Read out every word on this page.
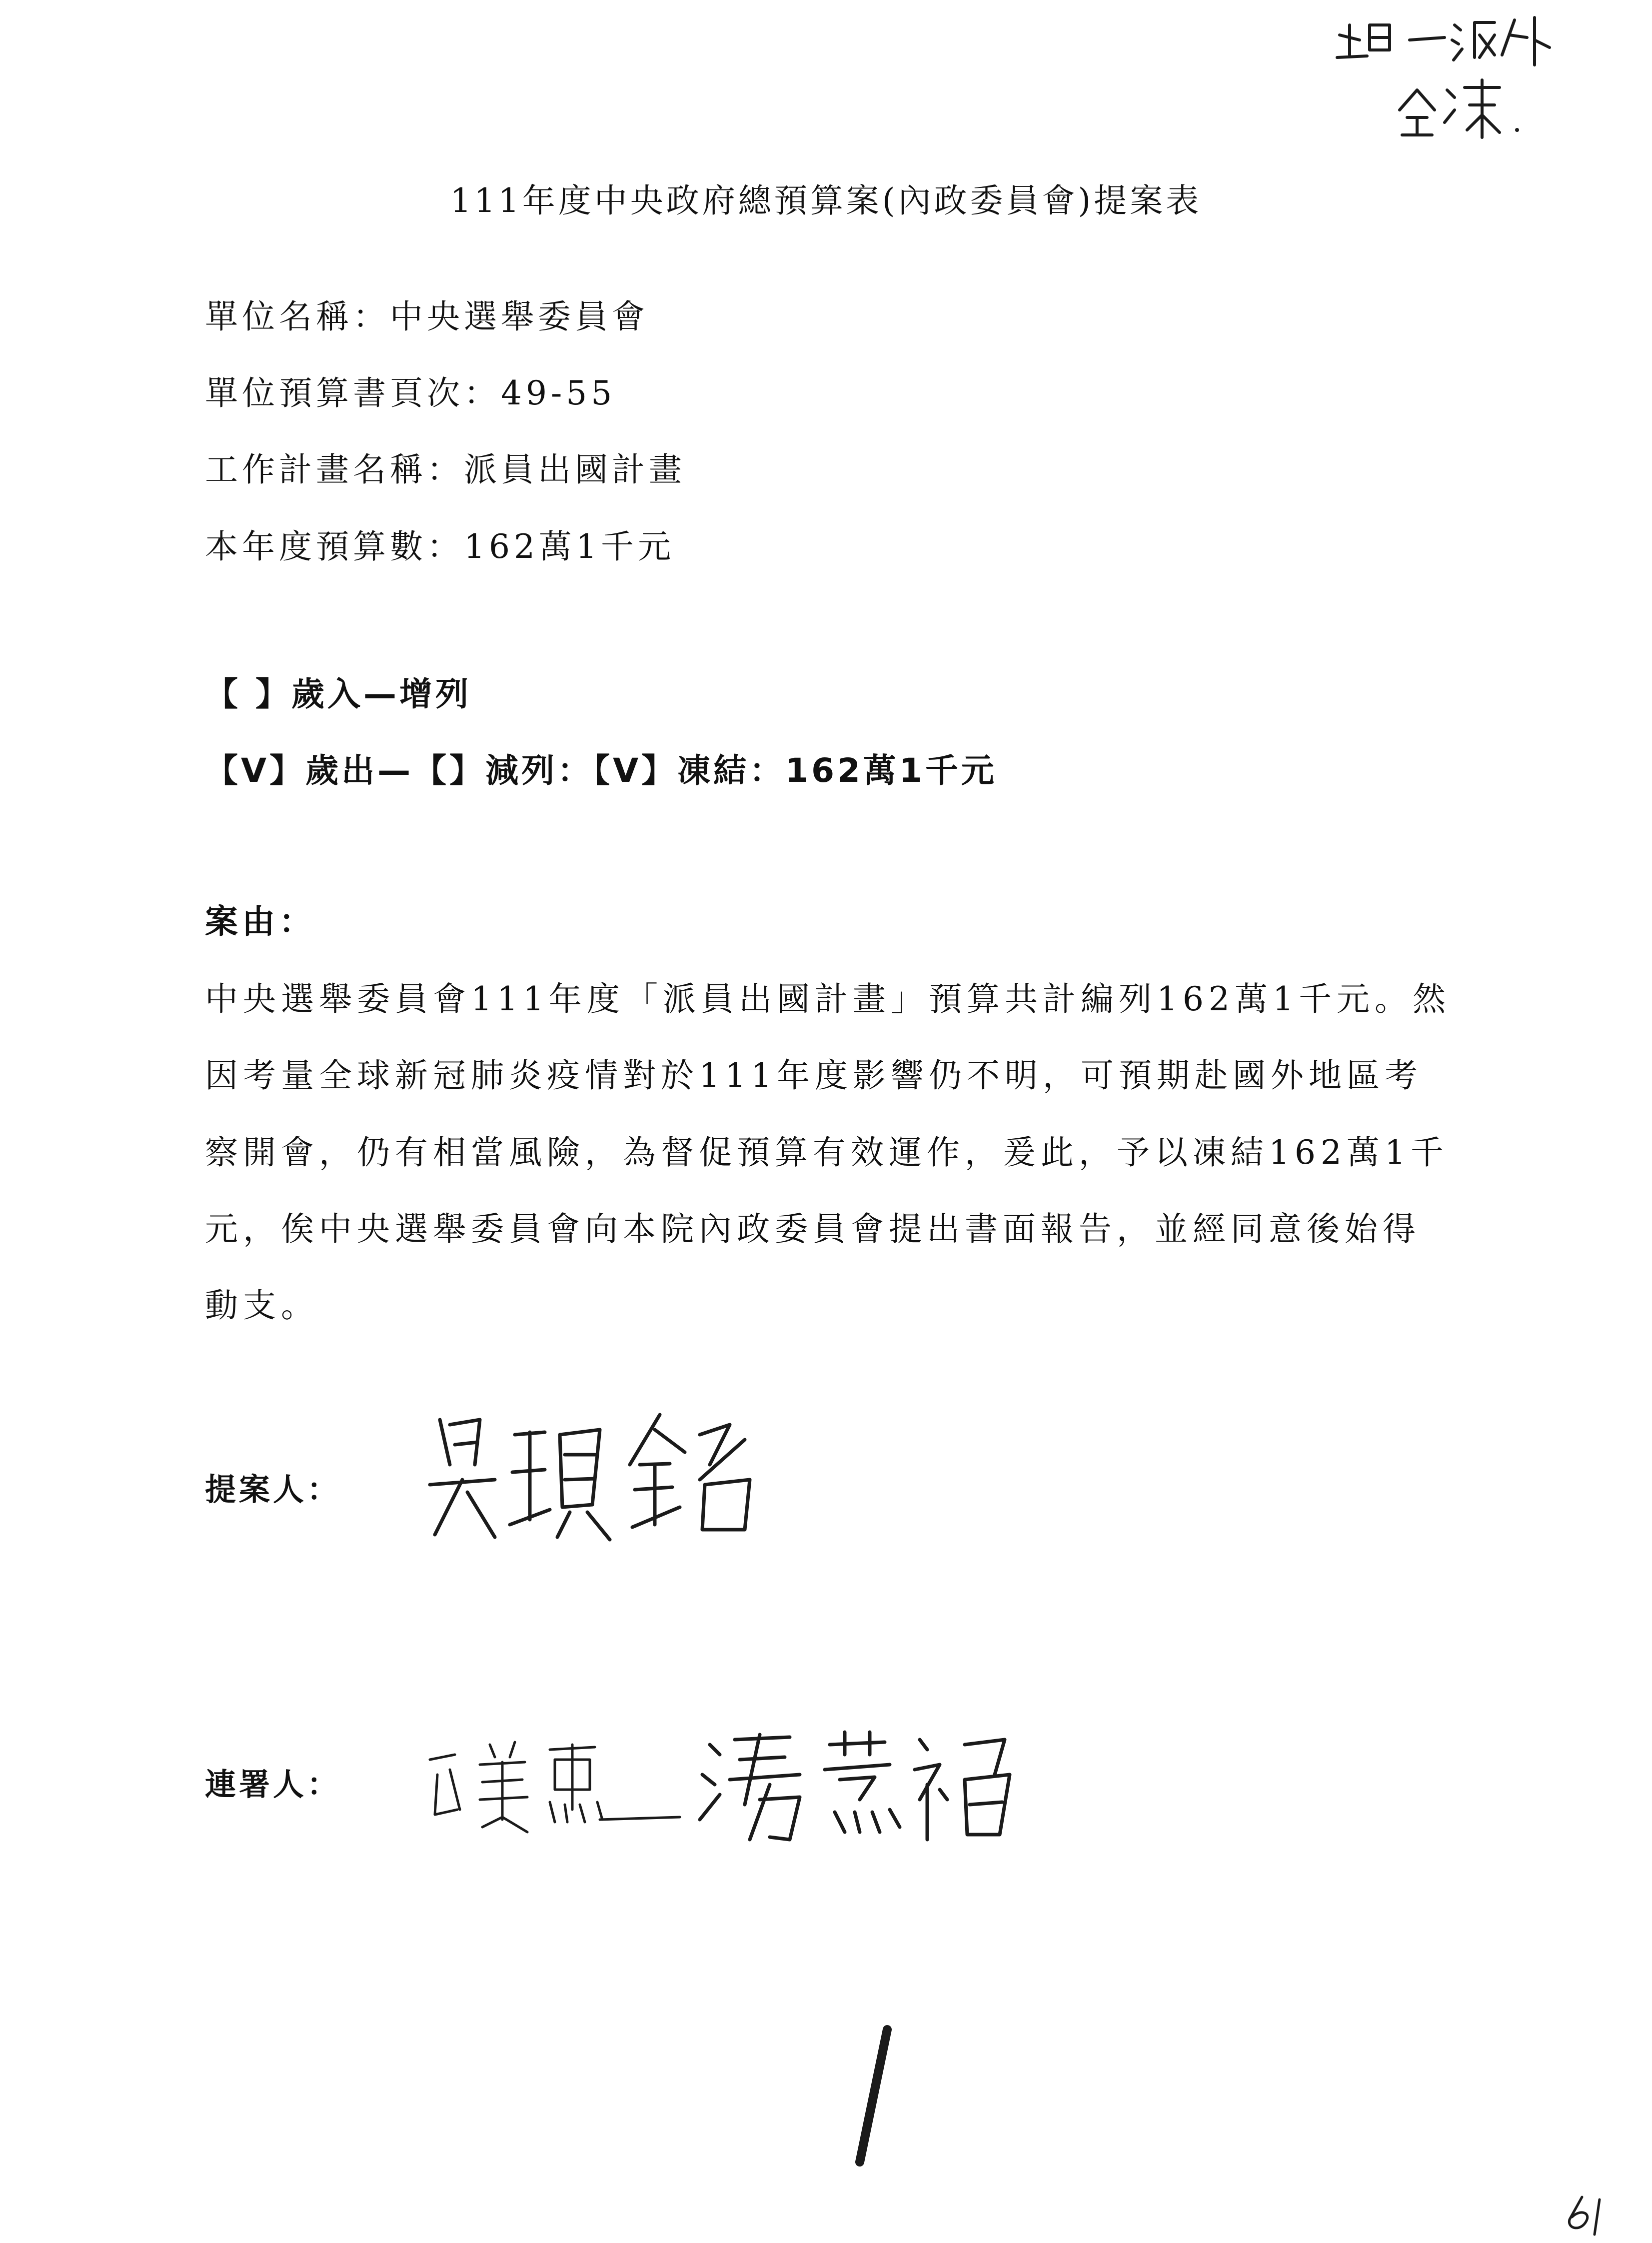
111年度中央政府總預算案(內政委員會)提案表
單位名稱：中央選舉委員會
單位預算書頁次：49-55
工作計畫名稱：派員出國計畫
本年度預算數：162萬1千元
【 】歲入—增列
【V】歲出—【】減列：【V】凍結：162萬1千元
案由：
中央選舉委員會111年度「派員出國計畫」預算共計編列162萬1千元。然
因考量全球新冠肺炎疫情對於111年度影響仍不明，可預期赴國外地區考
察開會，仍有相當風險，為督促預算有效運作，爰此，予以凍結162萬1千
元，俟中央選舉委員會向本院內政委員會提出書面報告，並經同意後始得
動支。
提案人：
連署人：
